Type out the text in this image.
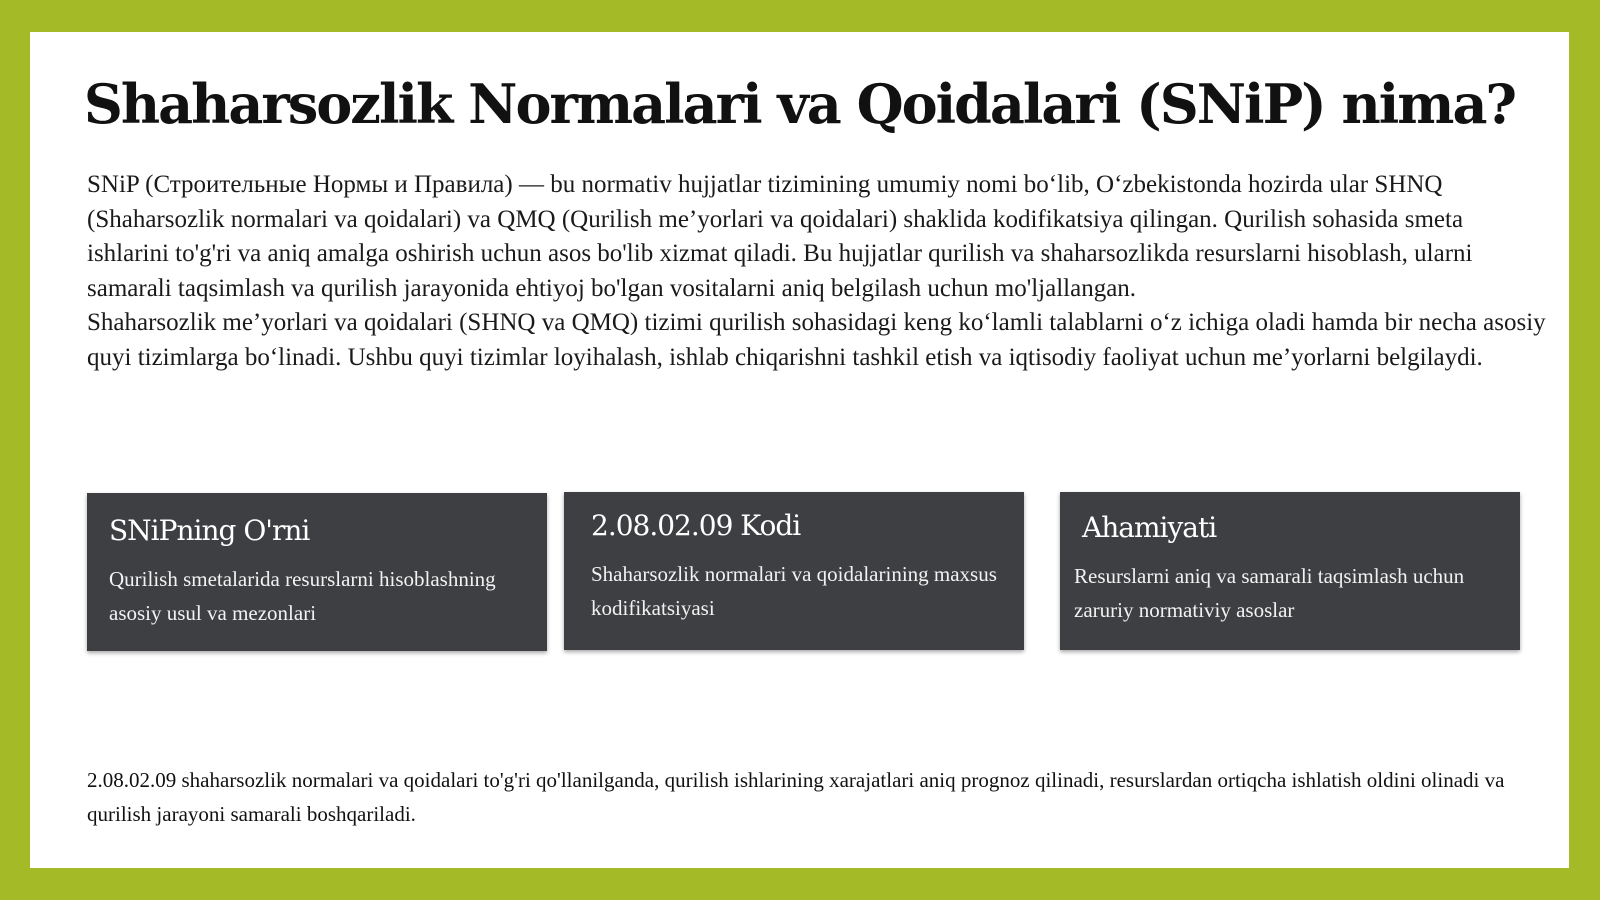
Shaharsozlik Normalari va Qoidalari (SNiP) nima?

SNiP (Строительные Нормы и Правила) — bu normativ hujjatlar tizimining umumiy nomi bo‘lib, O‘zbekistonda hozirda ular SHNQ (Shaharsozlik normalari va qoidalari) va QMQ (Qurilish me’yorlari va qoidalari) shaklida kodifikatsiya qilingan. Qurilish sohasida smeta ishlarini to'g'ri va aniq amalga oshirish uchun asos bo'lib xizmat qiladi. Bu hujjatlar qurilish va shaharsozlikda resurslarni hisoblash, ularni samarali taqsimlash va qurilish jarayonida ehtiyoj bo'lgan vositalarni aniq belgilash uchun mo'ljallangan.

Shaharsozlik me’yorlari va qoidalari (SHNQ va QMQ) tizimi qurilish sohasidagi keng ko‘lamli talablarni o‘z ichiga oladi hamda bir necha asosiy quyi tizimlarga bo‘linadi. Ushbu quyi tizimlar loyihalash, ishlab chiqarishni tashkil etish va iqtisodiy faoliyat uchun me’yorlarni belgilaydi.

SNiPning O'rni

Qurilish smetalarida resurslarni hisoblashning asosiy usul va mezonlari

2.08.02.09 Kodi

Shaharsozlik normalari va qoidalarining maxsus kodifikatsiyasi

Ahamiyati

Resurslarni aniq va samarali taqsimlash uchun zaruriy normativiy asoslar

2.08.02.09 shaharsozlik normalari va qoidalari to'g'ri qo'llanilganda, qurilish ishlarining xarajatlari aniq prognoz qilinadi, resurslardan ortiqcha ishlatish oldini olinadi va qurilish jarayoni samarali boshqariladi.
